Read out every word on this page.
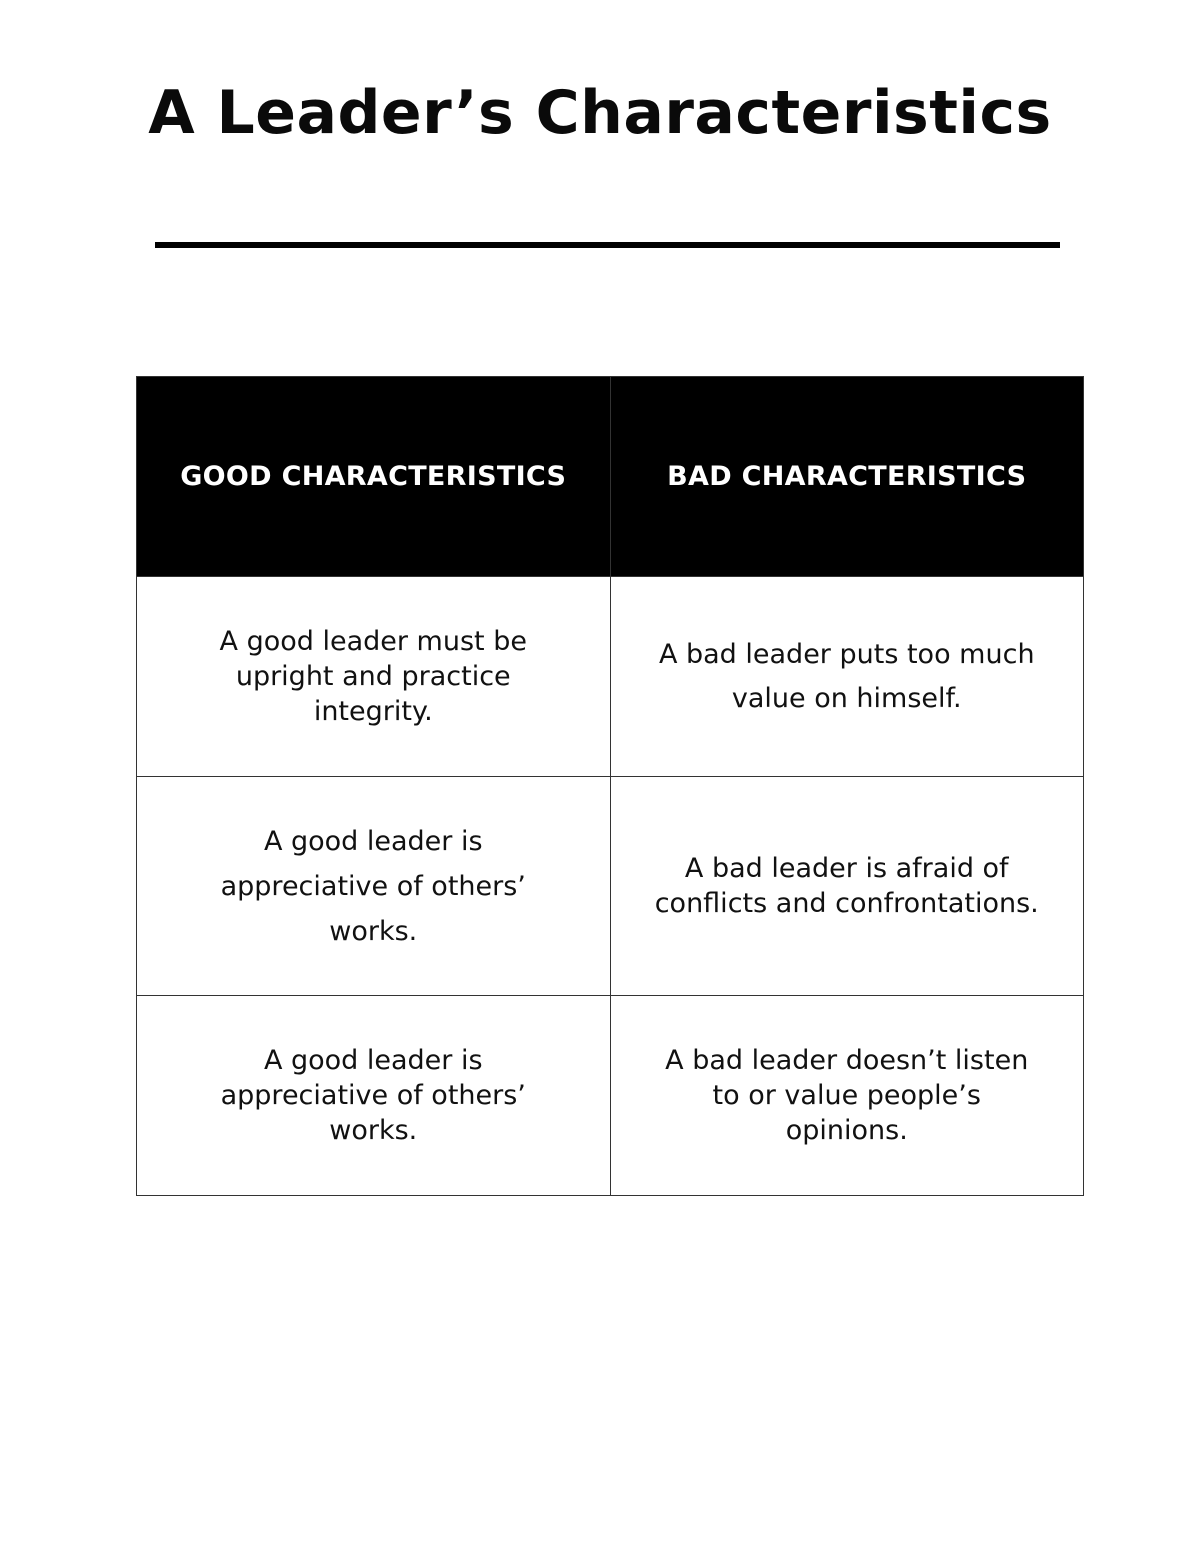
A Leader’s Characteristics
GOOD CHARACTERISTICS	BAD CHARACTERISTICS
A good leader must be upright and practice integrity.	A bad leader puts too much value on himself.
A good leader is appreciative of others’ works.	A bad leader is afraid of conflicts and confrontations.
A good leader is appreciative of others’ works.	A bad leader doesn’t listen to or value people’s opinions.
